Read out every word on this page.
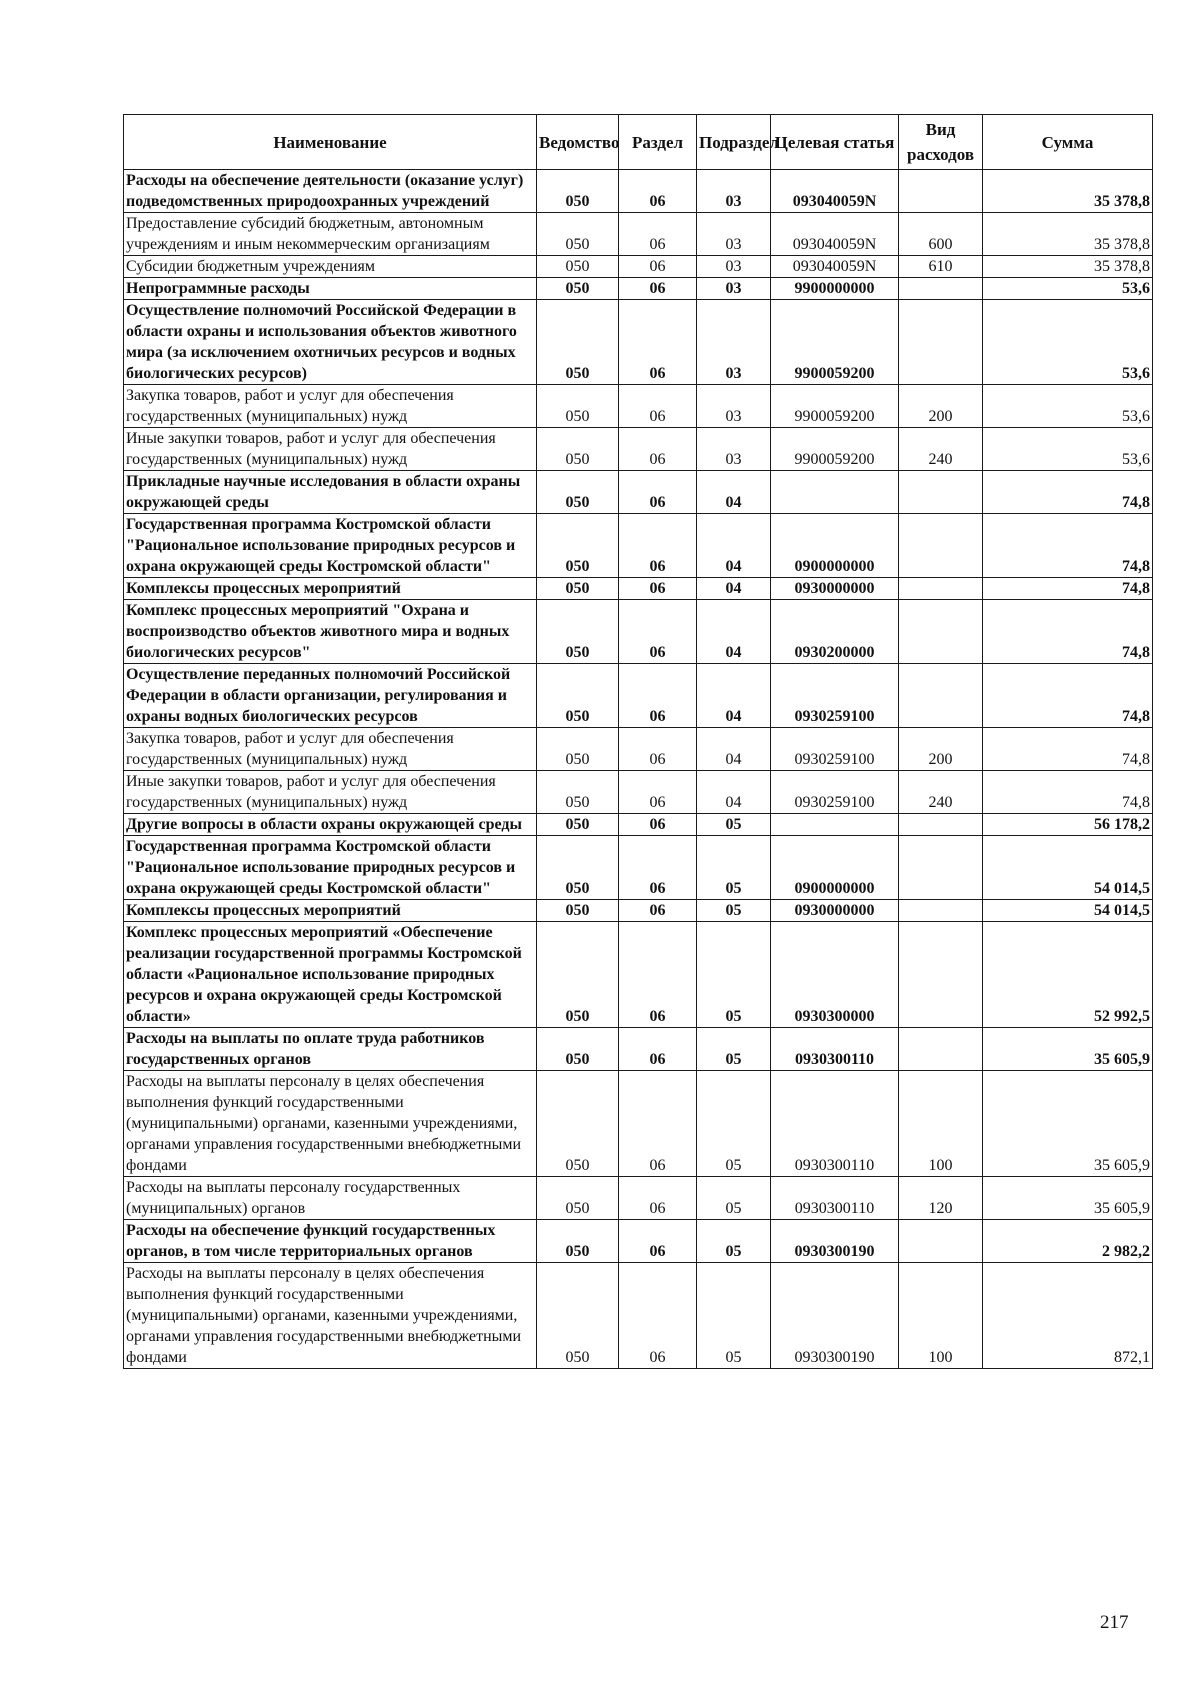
Наименование	Ведомство	Раздел	Подраздел	Целевая статья	Вид расходов	Сумма
Расходы на обеспечение деятельности (оказание услуг) подведомственных природоохранных учреждений	050	06	03	093040059N		35 378,8
Предоставление субсидий бюджетным, автономным учреждениям и иным некоммерческим организациям	050	06	03	093040059N	600	35 378,8
Субсидии бюджетным учреждениям	050	06	03	093040059N	610	35 378,8
Непрограммные расходы	050	06	03	9900000000		53,6
Осуществление полномочий Российской Федерации в области охраны и использования объектов животного мира (за исключением охотничьих ресурсов и водных биологических ресурсов)	050	06	03	9900059200		53,6
Закупка товаров, работ и услуг для обеспечения государственных (муниципальных) нужд	050	06	03	9900059200	200	53,6
Иные закупки товаров, работ и услуг для обеспечения государственных (муниципальных) нужд	050	06	03	9900059200	240	53,6
Прикладные научные исследования в области охраны окружающей среды	050	06	04			74,8
Государственная программа Костромской области "Рациональное использование природных ресурсов и охрана окружающей среды Костромской области"	050	06	04	0900000000		74,8
Комплексы процессных мероприятий	050	06	04	0930000000		74,8
Комплекс процессных мероприятий "Охрана и воспроизводство объектов животного мира и водных биологических ресурсов"	050	06	04	0930200000		74,8
Осуществление переданных полномочий Российской Федерации в области организации, регулирования и охраны водных биологических ресурсов	050	06	04	0930259100		74,8
Закупка товаров, работ и услуг для обеспечения государственных (муниципальных) нужд	050	06	04	0930259100	200	74,8
Иные закупки товаров, работ и услуг для обеспечения государственных (муниципальных) нужд	050	06	04	0930259100	240	74,8
Другие вопросы в области охраны окружающей среды	050	06	05			56 178,2
Государственная программа Костромской области "Рациональное использование природных ресурсов и охрана окружающей среды Костромской области"	050	06	05	0900000000		54 014,5
Комплексы процессных мероприятий	050	06	05	0930000000		54 014,5
Комплекс процессных мероприятий «Обеспечение реализации государственной программы Костромской области «Рациональное использование природных ресурсов и охрана окружающей среды Костромской области»	050	06	05	0930300000		52 992,5
Расходы на выплаты по оплате труда работников государственных органов	050	06	05	0930300110		35 605,9
Расходы на выплаты персоналу в целях обеспечения выполнения функций государственными (муниципальными) органами, казенными учреждениями, органами управления государственными внебюджетными фондами	050	06	05	0930300110	100	35 605,9
Расходы на выплаты персоналу государственных (муниципальных) органов	050	06	05	0930300110	120	35 605,9
Расходы на обеспечение функций государственных органов, в том числе территориальных органов	050	06	05	0930300190		2 982,2
Расходы на выплаты персоналу в целях обеспечения выполнения функций государственными (муниципальными) органами, казенными учреждениями, органами управления государственными внебюджетными фондами	050	06	05	0930300190	100	872,1
217
